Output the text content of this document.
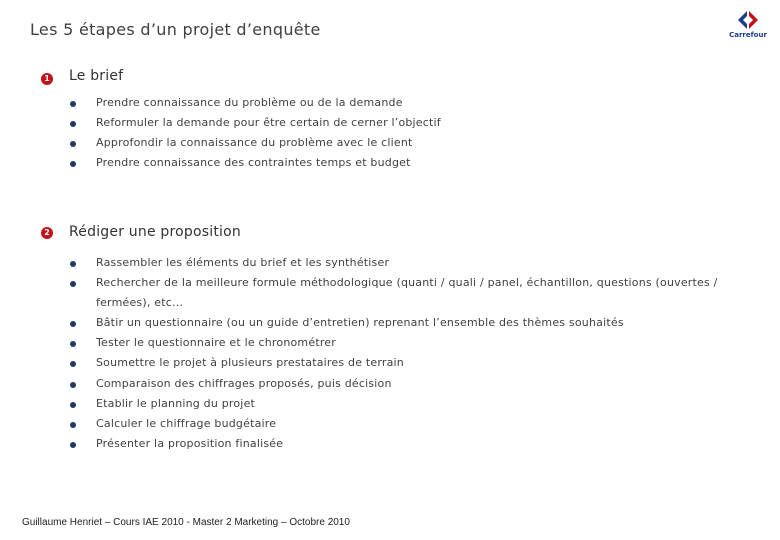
Les 5 étapes d’un projet d’enquête	Carrefour
1 Le brief
Prendre connaissance du problème ou de la demande
Reformuler la demande pour être certain de cerner l’objectif
Approfondir la connaissance du problème avec le client
Prendre connaissance des contraintes temps et budget
2 Rédiger une proposition
Rassembler les éléments du brief et les synthétiser
Rechercher de la meilleure formule méthodologique (quanti / quali / panel, échantillon, questions (ouvertes / fermées), etc…
Bâtir un questionnaire (ou un guide d’entretien) reprenant l’ensemble des thèmes souhaités
Tester le questionnaire et le chronométrer
Soumettre le projet à plusieurs prestataires de terrain
Comparaison des chiffrages proposés, puis décision
Etablir le planning du projet
Calculer le chiffrage budgétaire
Présenter la proposition finalisée
Guillaume Henriet – Cours IAE 2010 - Master 2 Marketing – Octobre 2010
